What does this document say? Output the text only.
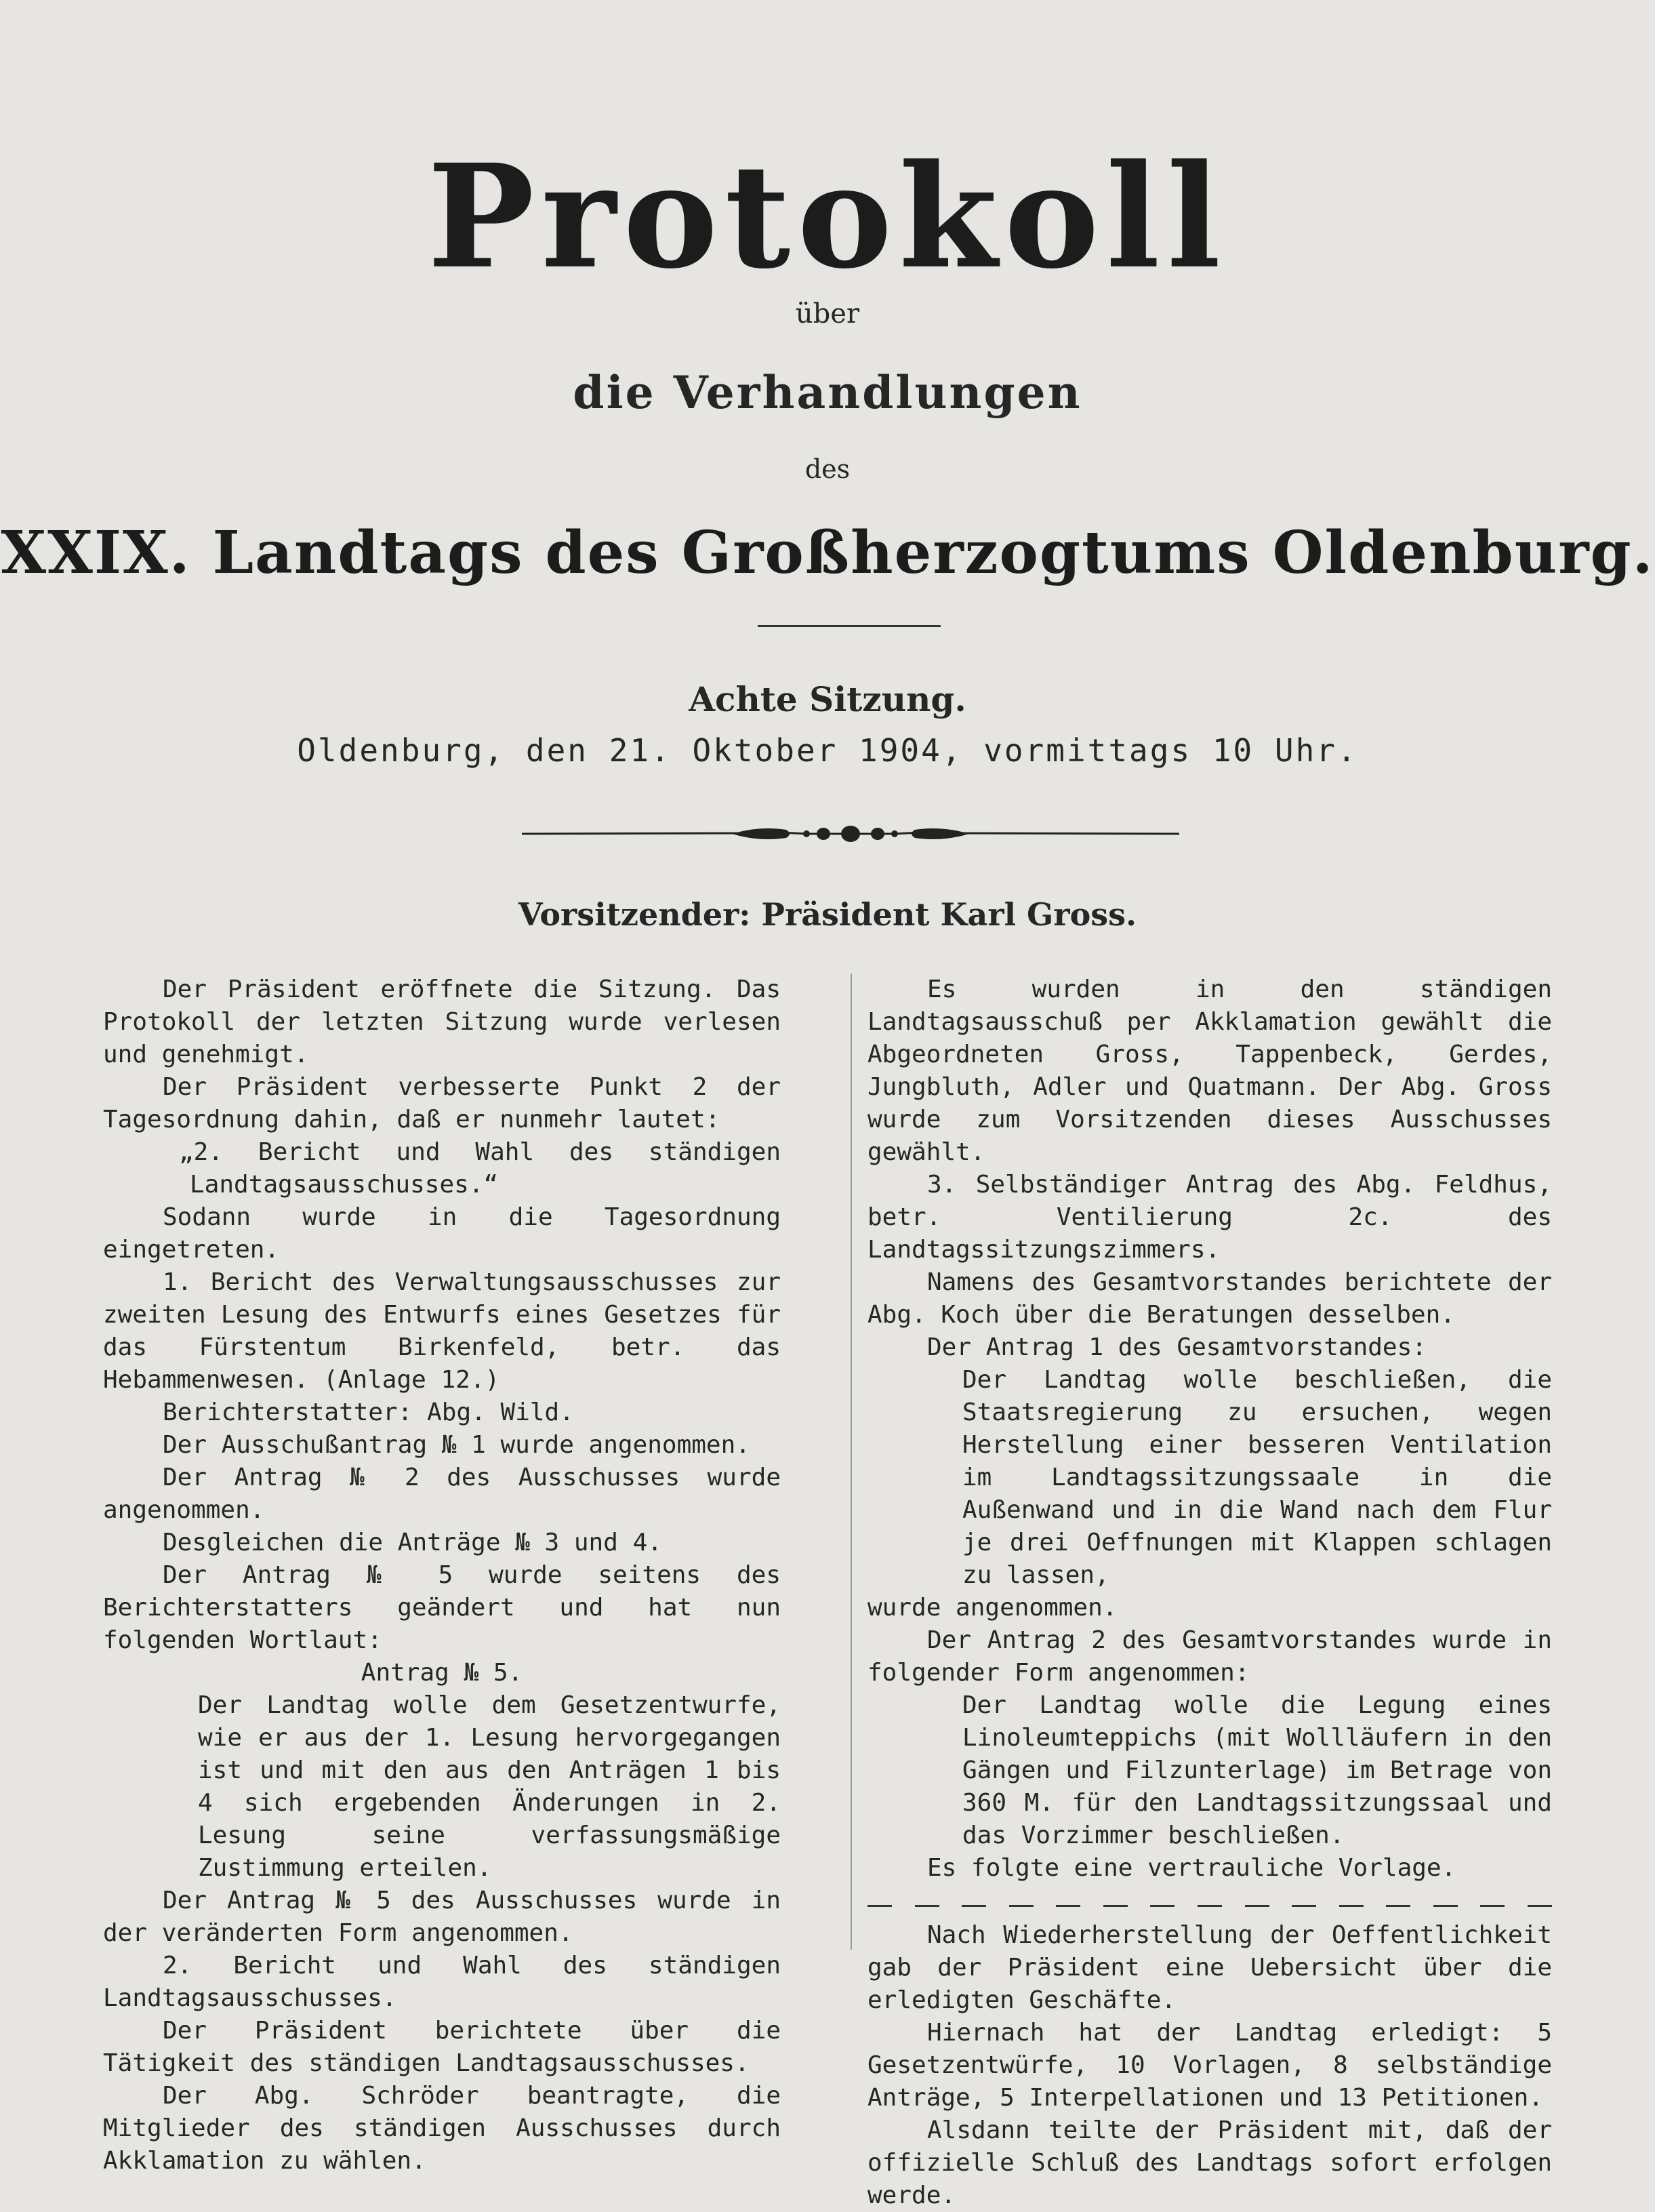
Protokoll
über
die Verhandlungen
des
XXIX. Landtags des Großherzogtums Oldenburg.
Achte Sitzung.
Oldenburg, den 21. Oktober 1904, vormittags 10 Uhr.
Vorsitzender: Präsident Karl Gross.

Der Präsident eröffnete die Sitzung. Das Protokoll der letzten Sitzung wurde verlesen und genehmigt.

Der Präsident verbesserte Punkt 2 der Tagesordnung dahin, daß er nunmehr lautet:

„2. Bericht und Wahl des ständigen Landtagsausschusses.“

Sodann wurde in die Tagesordnung eingetreten.

1. Bericht des Verwaltungsausschusses zur zweiten Lesung des Entwurfs eines Gesetzes für das Fürstentum Birkenfeld, betr. das Hebammenwesen. (Anlage 12.)

Berichterstatter: Abg. Wild.

Der Ausschußantrag № 1 wurde angenommen.

Der Antrag № 2 des Ausschusses wurde angenommen.

Desgleichen die Anträge № 3 und 4.

Der Antrag № 5 wurde seitens des Berichterstatters geändert und hat nun folgenden Wortlaut:

Antrag № 5.

Der Landtag wolle dem Gesetzentwurfe, wie er aus der 1. Lesung hervorgegangen ist und mit den aus den Anträgen 1 bis 4 sich ergebenden Änderungen in 2. Lesung seine verfassungsmäßige Zustimmung erteilen.

Der Antrag № 5 des Ausschusses wurde in der veränderten Form angenommen.

2. Bericht und Wahl des ständigen Landtagsausschusses.

Der Präsident berichtete über die Tätigkeit des ständigen Landtagsausschusses.

Der Abg. Schröder beantragte, die Mitglieder des ständigen Ausschusses durch Akklamation zu wählen.

Es wurden in den ständigen Landtagsausschuß per Akklamation gewählt die Abgeordneten Gross, Tappenbeck, Gerdes, Jungbluth, Adler und Quatmann. Der Abg. Gross wurde zum Vorsitzenden dieses Ausschusses gewählt.

3. Selbständiger Antrag des Abg. Feldhus, betr. Ventilierung 2c. des Landtagssitzungszimmers.

Namens des Gesamtvorstandes berichtete der Abg. Koch über die Beratungen desselben.

Der Antrag 1 des Gesamtvorstandes:

Der Landtag wolle beschließen, die Staatsregierung zu ersuchen, wegen Herstellung einer besseren Ventilation im Landtagssitzungssaale in die Außenwand und in die Wand nach dem Flur je drei Oeffnungen mit Klappen schlagen zu lassen,

wurde angenommen.

Der Antrag 2 des Gesamtvorstandes wurde in folgender Form angenommen:

Der Landtag wolle die Legung eines Linoleumteppichs (mit Wollläufern in den Gängen und Filzunterlage) im Betrage von 360 M. für den Landtagssitzungssaal und das Vorzimmer beschließen.

Es folgte eine vertrauliche Vorlage.

Nach Wiederherstellung der Oeffentlichkeit gab der Präsident eine Uebersicht über die erledigten Geschäfte.

Hiernach hat der Landtag erledigt: 5 Gesetzentwürfe, 10 Vorlagen, 8 selbständige Anträge, 5 Interpellationen und 13 Petitionen.

Alsdann teilte der Präsident mit, daß der offizielle Schluß des Landtags sofort erfolgen werde.
